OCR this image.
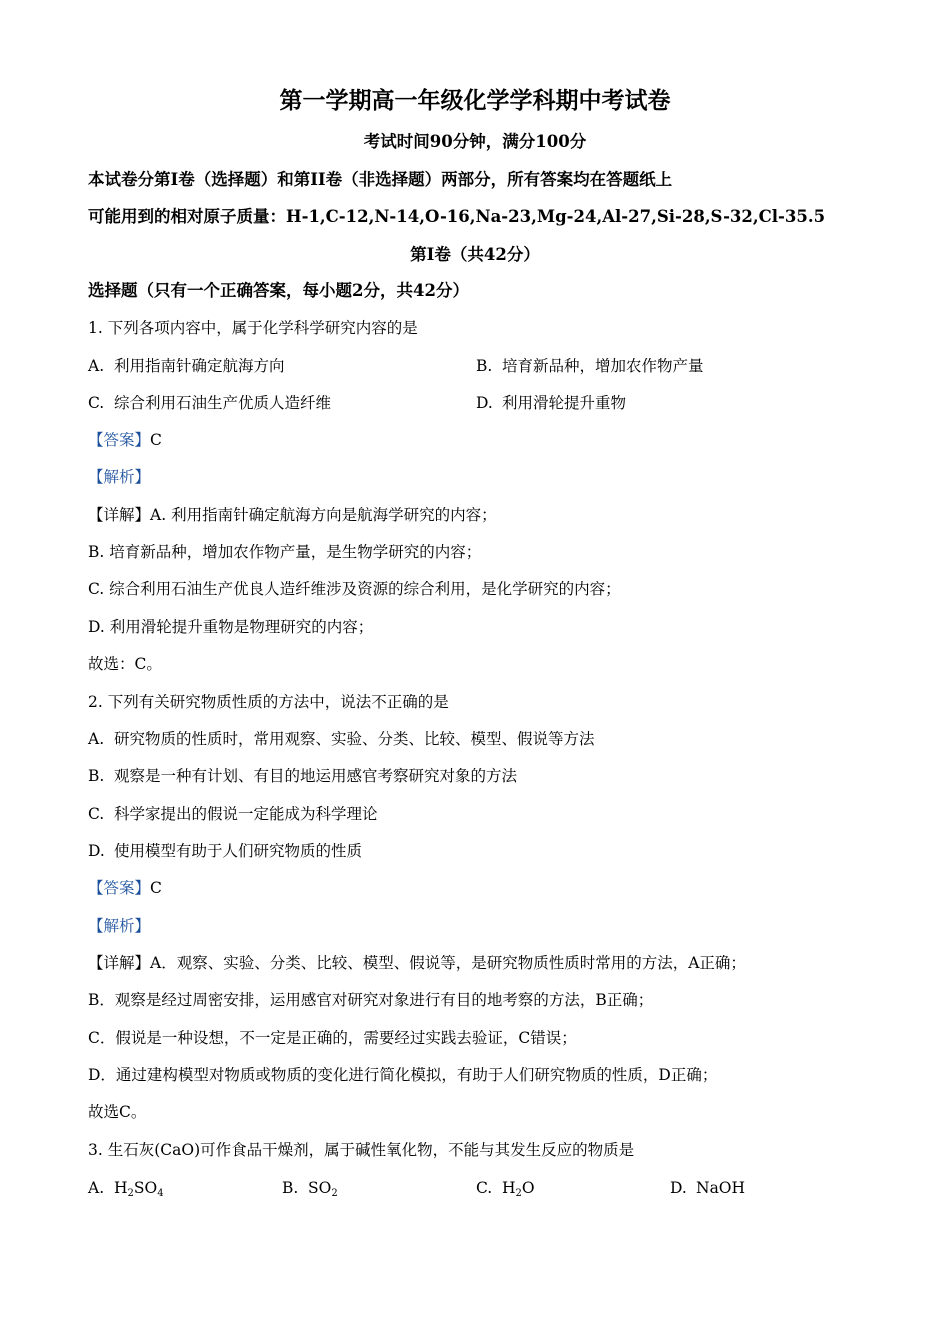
第一学期高一年级化学学科期中考试卷
考试时间90分钟，满分100分
本试卷分第I卷（选择题）和第II卷（非选择题）两部分，所有答案均在答题纸上
可能用到的相对原子质量：H-1,C-12,N-14,O-16,Na-23,Mg-24,Al-27,Si-28,S-32,Cl-35.5
第I卷（共42分）
选择题（只有一个正确答案，每小题2分，共42分）
1. 下列各项内容中，属于化学科学研究内容的是
A. 利用指南针确定航海方向	B. 培育新品种，增加农作物产量
C. 综合利用石油生产优质人造纤维	D. 利用滑轮提升重物
【答案】C
【解析】
【详解】A. 利用指南针确定航海方向是航海学研究的内容；
B. 培育新品种，增加农作物产量，是生物学研究的内容；
C. 综合利用石油生产优良人造纤维涉及资源的综合利用，是化学研究的内容；
D. 利用滑轮提升重物是物理研究的内容；
故选：C。
2. 下列有关研究物质性质的方法中，说法不正确的是
A. 研究物质的性质时，常用观察、实验、分类、比较、模型、假说等方法
B. 观察是一种有计划、有目的地运用感官考察研究对象的方法
C. 科学家提出的假说一定能成为科学理论
D. 使用模型有助于人们研究物质的性质
【答案】C
【解析】
【详解】A．观察、实验、分类、比较、模型、假说等，是研究物质性质时常用的方法，A正确；
B．观察是经过周密安排，运用感官对研究对象进行有目的地考察的方法，B正确；
C．假说是一种设想，不一定是正确的，需要经过实践去验证，C错误；
D．通过建构模型对物质或物质的变化进行简化模拟，有助于人们研究物质的性质，D正确；
故选C。
3. 生石灰(CaO)可作食品干燥剂，属于碱性氧化物，不能与其发生反应的物质是
A. $H_2SO_4$	B. $SO_2$	C. $H_2O$	D. NaOH
